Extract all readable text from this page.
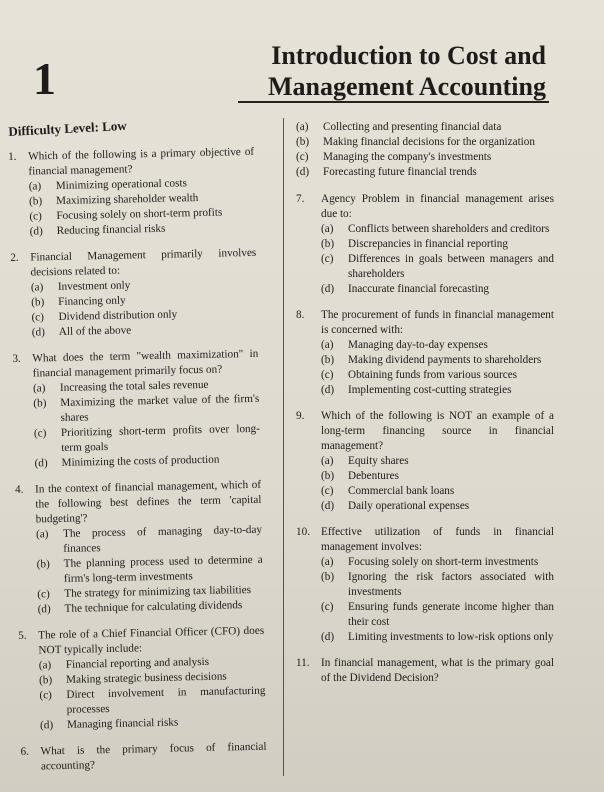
1	Introduction to Cost and
Management Accounting
Difficulty Level: Low
1. Which of the following is a primary objective of financial management?
(a) Minimizing operational costs
(b) Maximizing shareholder wealth
(c) Focusing solely on short-term profits
(d) Reducing financial risks
2. Financial Management primarily involves decisions related to:
(a) Investment only
(b) Financing only
(c) Dividend distribution only
(d) All of the above
3. What does the term "wealth maximization" in financial management primarily focus on?
(a) Increasing the total sales revenue
(b) Maximizing the market value of the firm's shares
(c) Prioritizing short-term profits over long-term goals
(d) Minimizing the costs of production
4. In the context of financial management, which of the following best defines the term 'capital budgeting'?
(a) The process of managing day-to-day finances
(b) The planning process used to determine a firm's long-term investments
(c) The strategy for minimizing tax liabilities
(d) The technique for calculating dividends
5. The role of a Chief Financial Officer (CFO) does NOT typically include:
(a) Financial reporting and analysis
(b) Making strategic business decisions
(c) Direct involvement in manufacturing processes
(d) Managing financial risks
6. What is the primary focus of financial accounting?
(a) Collecting and presenting financial data
(b) Making financial decisions for the organization
(c) Managing the company's investments
(d) Forecasting future financial trends
7. Agency Problem in financial management arises due to:
(a) Conflicts between shareholders and creditors
(b) Discrepancies in financial reporting
(c) Differences in goals between managers and shareholders
(d) Inaccurate financial forecasting
8. The procurement of funds in financial management is concerned with:
(a) Managing day-to-day expenses
(b) Making dividend payments to shareholders
(c) Obtaining funds from various sources
(d) Implementing cost-cutting strategies
9. Which of the following is NOT an example of a long-term financing source in financial management?
(a) Equity shares
(b) Debentures
(c) Commercial bank loans
(d) Daily operational expenses
10. Effective utilization of funds in financial management involves:
(a) Focusing solely on short-term investments
(b) Ignoring the risk factors associated with investments
(c) Ensuring funds generate income higher than their cost
(d) Limiting investments to low-risk options only
11. In financial management, what is the primary goal of the Dividend Decision?
